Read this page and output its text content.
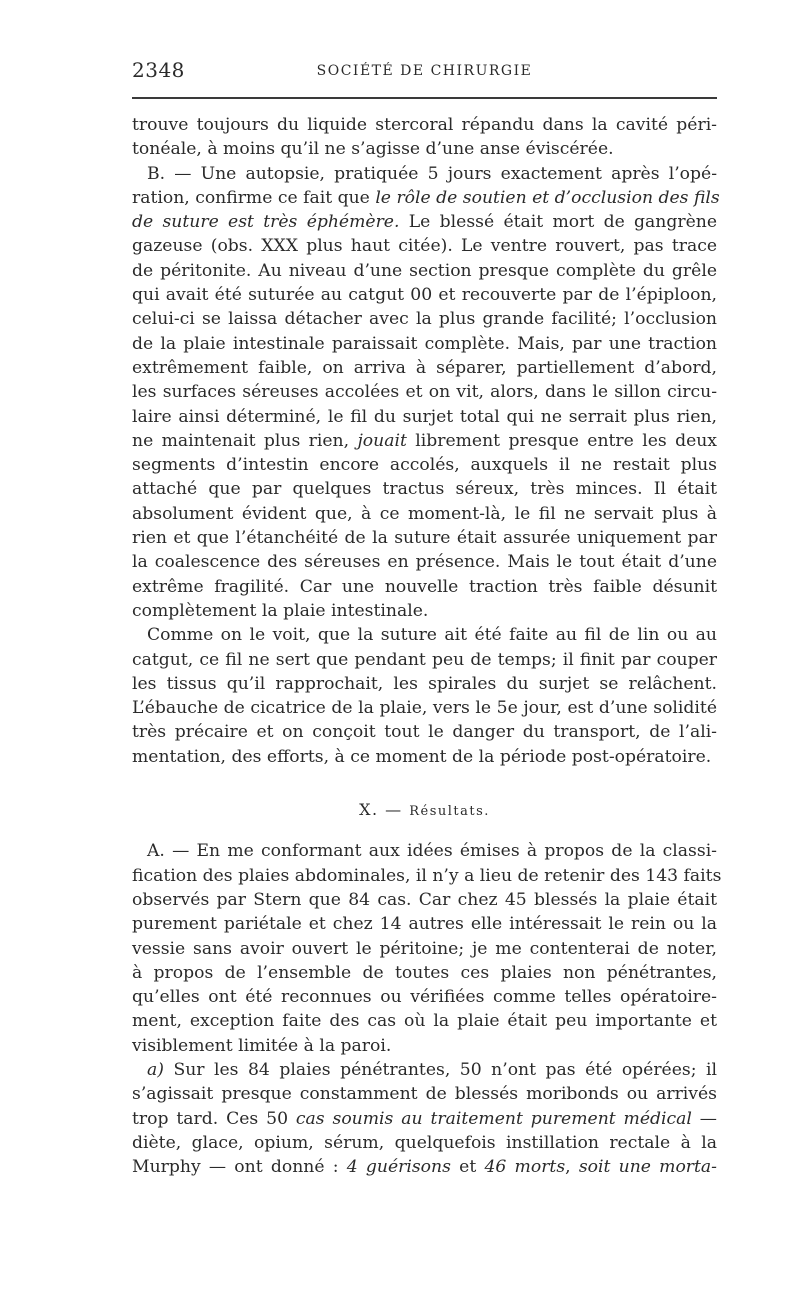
2348	SOCIÉTÉ DE CHIRURGIE
trouve toujours du liquide stercoral répandu dans la cavité péri-
tonéale, à moins qu’il ne s’agisse d’une anse éviscérée.
B. — Une autopsie, pratiquée 5 jours exactement après l’opé-
ration, confirme ce fait que le rôle de soutien et d’occlusion des fils
de suture est très éphémère. Le blessé était mort de gangrène
gazeuse (obs. XXX plus haut citée). Le ventre rouvert, pas trace
de péritonite. Au niveau d’une section presque complète du grêle
qui avait été suturée au catgut 00 et recouverte par de l’épiploon,
celui-ci se laissa détacher avec la plus grande facilité; l’occlusion
de la plaie intestinale paraissait complète. Mais, par une traction
extrêmement faible, on arriva à séparer, partiellement d’abord,
les surfaces séreuses accolées et on vit, alors, dans le sillon circu-
laire ainsi déterminé, le fil du surjet total qui ne serrait plus rien,
ne maintenait plus rien, jouait librement presque entre les deux
segments d’intestin encore accolés, auxquels il ne restait plus
attaché que par quelques tractus séreux, très minces. Il était
absolument évident que, à ce moment-là, le fil ne servait plus à
rien et que l’étanchéité de la suture était assurée uniquement par
la coalescence des séreuses en présence. Mais le tout était d’une
extrême fragilité. Car une nouvelle traction très faible désunit
complètement la plaie intestinale.
Comme on le voit, que la suture ait été faite au fil de lin ou au
catgut, ce fil ne sert que pendant peu de temps; il finit par couper
les tissus qu’il rapprochait, les spirales du surjet se relâchent.
L’ébauche de cicatrice de la plaie, vers le 5e jour, est d’une solidité
très précaire et on conçoit tout le danger du transport, de l’ali-
mentation, des efforts, à ce moment de la période post-opératoire.
X. — Résultats.
A. — En me conformant aux idées émises à propos de la classi-
fication des plaies abdominales, il n’y a lieu de retenir des 143 faits
observés par Stern que 84 cas. Car chez 45 blessés la plaie était
purement pariétale et chez 14 autres elle intéressait le rein ou la
vessie sans avoir ouvert le péritoine; je me contenterai de noter,
à propos de l’ensemble de toutes ces plaies non pénétrantes,
qu’elles ont été reconnues ou vérifiées comme telles opératoire-
ment, exception faite des cas où la plaie était peu importante et
visiblement limitée à la paroi.
a) Sur les 84 plaies pénétrantes, 50 n’ont pas été opérées; il
s’agissait presque constamment de blessés moribonds ou arrivés
trop tard. Ces 50 cas soumis au traitement purement médical —
diète, glace, opium, sérum, quelquefois instillation rectale à la
Murphy — ont donné : 4 guérisons et 46 morts, soit une morta-
